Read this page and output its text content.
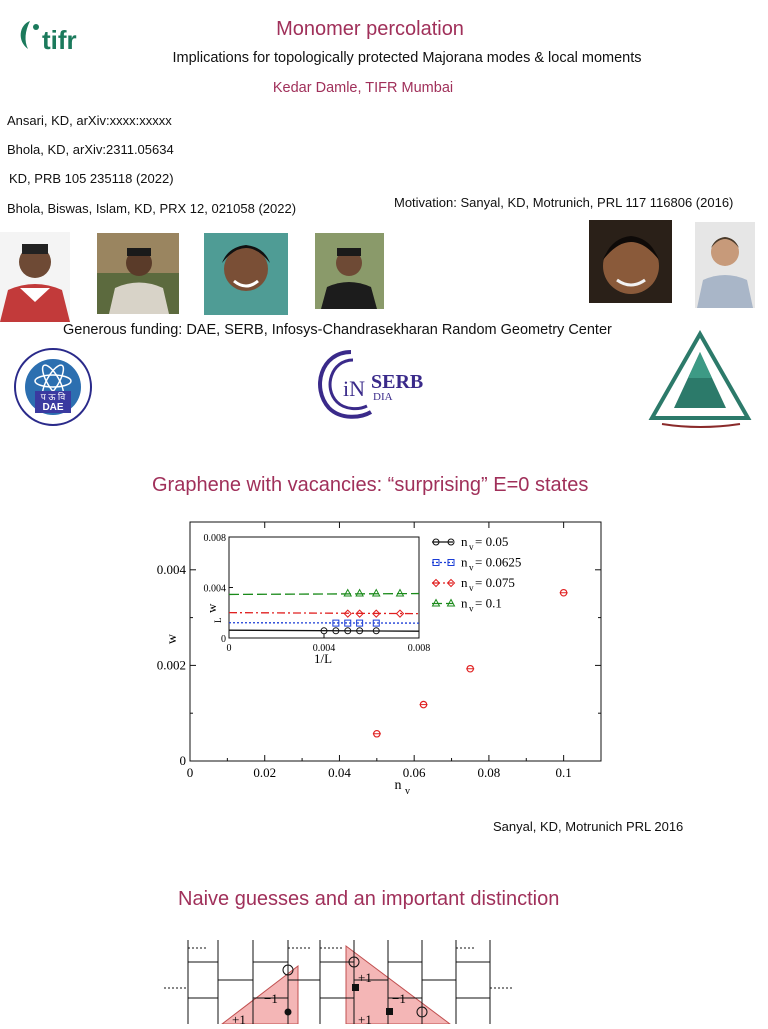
tifr	Monomer percolation
Implications for topologically protected Majorana modes & local moments
Kedar Damle, TIFR Mumbai
Ansari, KD, arXiv:xxxx:xxxxx
Bhola, KD, arXiv:2311.05634
KD, PRB 105 235118 (2022)
Bhola, Biswas, Islam, KD, PRX 12, 021058 (2022)	Motivation: Sanyal, KD, Motrunich, PRL 117 116806 (2016)
Generous funding: DAE, SERB, Infosys-Chandrasekharan Random Geometry Center
प ऊ वि
DAE
iN SERB
DIA
Graphene with vacancies: “surprising” E=0 states
0	0.02	0.04	0.06	0.08	0.1
0
0.002
0.004
n v
w
0	0.004	0.008
0
0.004
0.008
1/L
w
L
n v = 0.05
n v = 0.0625
n v = 0.075
n v = 0.1
Sanyal, KD, Motrunich PRL 2016
Naive guesses and an important distinction
+1
−1
+1
+1
−1
